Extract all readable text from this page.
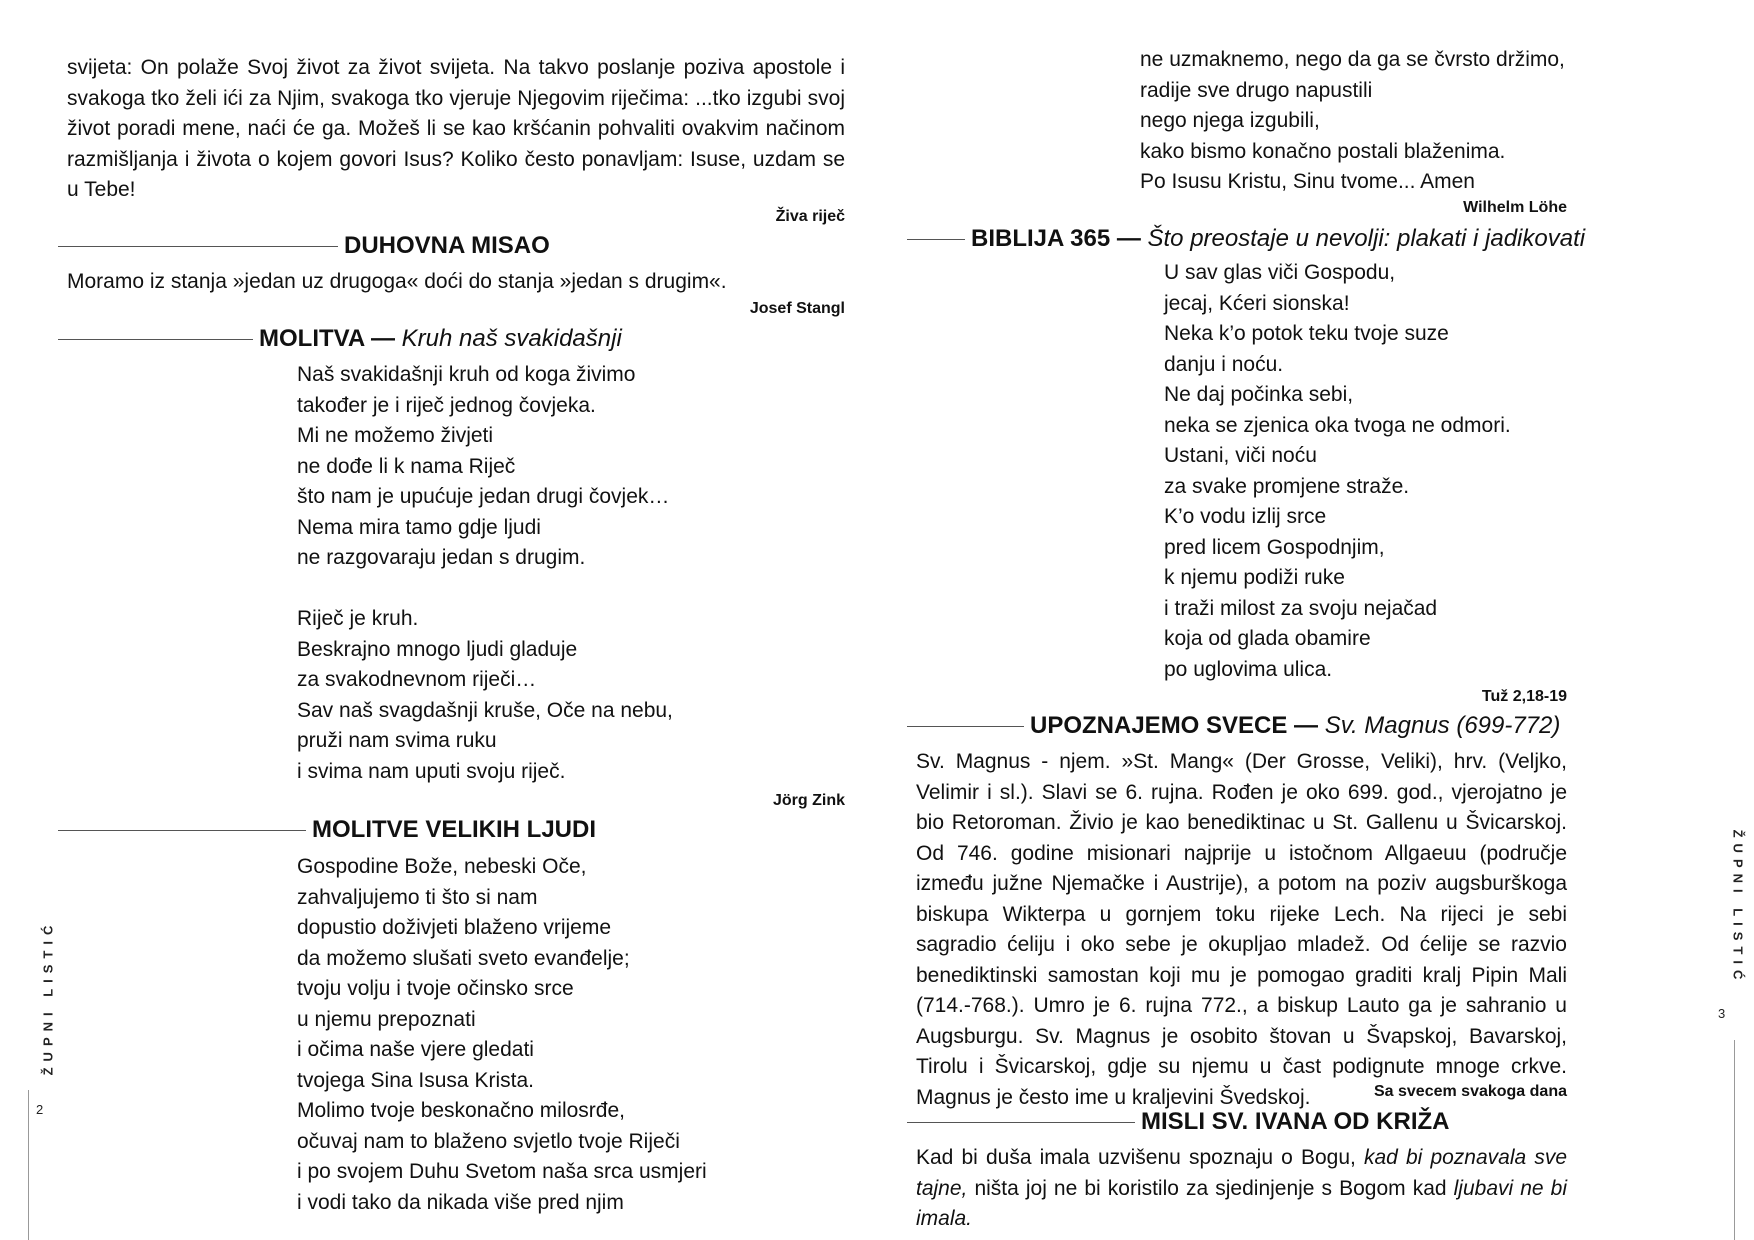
svijeta: On polaže Svoj život za život svijeta. Na takvo poslanje poziva apostole i svakoga tko želi ići za Njim, svakoga tko vjeruje Njegovim riječima: ...tko izgubi svoj život poradi mene, naći će ga. Možeš li se kao kršćanin pohvaliti ovakvim načinom razmišljanja i života o kojem govori Isus? Koliko često ponavljam: Isuse, uzdam se u Tebe!

Živa riječ

DUHOVNA MISAO

Moramo iz stanja »jedan uz drugoga« doći do stanja »jedan s drugim«.

Josef Stangl

MOLITVA — Kruh naš svakidašnji
Naš svakidašnji kruh od koga živimo
također je i riječ jednog čovjeka.
Mi ne možemo živjeti
ne dođe li k nama Riječ
što nam je upućuje jedan drugi čovjek…
Nema mira tamo gdje ljudi
ne razgovaraju jedan s drugim.
Riječ je kruh.
Beskrajno mnogo ljudi gladuje
za svakodnevnom riječi…
Sav naš svagdašnji kruše, Oče na nebu,
pruži nam svima ruku
i svima nam uputi svoju riječ.

Jörg Zink

MOLITVE VELIKIH LJUDI
Gospodine Bože, nebeski Oče,
zahvaljujemo ti što si nam
dopustio doživjeti blaženo vrijeme
da možemo slušati sveto evanđelje;
tvoju volju i tvoje očinsko srce
u njemu prepoznati
i očima naše vjere gledati
tvojega Sina Isusa Krista.
Molimo tvoje beskonačno milosrđe,
očuvaj nam to blaženo svjetlo tvoje Riječi
i po svojem Duhu Svetom naša srca usmjeri
i vodi tako da nikada više pred njim
ŽUPNI LISTIĆ
2
ne uzmaknemo, nego da ga se čvrsto držimo,
radije sve drugo napustili
nego njega izgubili,
kako bismo konačno postali blaženima.
Po Isusu Kristu, Sinu tvome... Amen

Wilhelm Löhe

BIBLIJA 365 — Što preostaje u nevolji: plakati i jadikovati
U sav glas viči Gospodu,
jecaj, Kćeri sionska!
Neka k’o potok teku tvoje suze
danju i noću.
Ne daj počinka sebi,
neka se zjenica oka tvoga ne odmori.
Ustani, viči noću
za svake promjene straže.
K’o vodu izlij srce
pred licem Gospodnjim,
k njemu podiži ruke
i traži milost za svoju nejačad
koja od glada obamire
po uglovima ulica.

Tuž 2,18-19

UPOZNAJEMO SVECE — Sv. Magnus (699-772)

Sv. Magnus - njem. »St. Mang« (Der Grosse, Veliki), hrv. (Veljko, Velimir i sl.). Slavi se 6. rujna. Rođen je oko 699. god., vjerojatno je bio Retoroman. Živio je kao benediktinac u St. Gallenu u Švicarskoj. Od 746. godine misionari najprije u istočnom Allgaeuu (područje između južne Njemačke i Austrije), a potom na poziv augsburškoga biskupa Wikterpa u gornjem toku rijeke Lech. Na rijeci je sebi sagradio ćeliju i oko sebe je okupljao mladež. Od ćelije se razvio benediktinski samostan koji mu je pomogao graditi kralj Pipin Mali (714.-768.). Umro je 6. rujna 772., a biskup Lauto ga je sahranio u Augsburgu. Sv. Magnus je osobito štovan u Švapskoj, Bavarskoj, Tirolu i Švicarskoj, gdje su njemu u čast podignute mnoge crkve. Magnus je često ime u kraljevini Švedskoj.	Sa svecem svakoga dana

MISLI SV. IVANA OD KRIŽA

Kad bi duša imala uzvišenu spoznaju o Bogu, kad bi poznavala sve tajne, ništa joj ne bi koristilo za sjedinjenje s Bogom kad ljubavi ne bi imala.

ŽUPNI LISTIĆ
3
